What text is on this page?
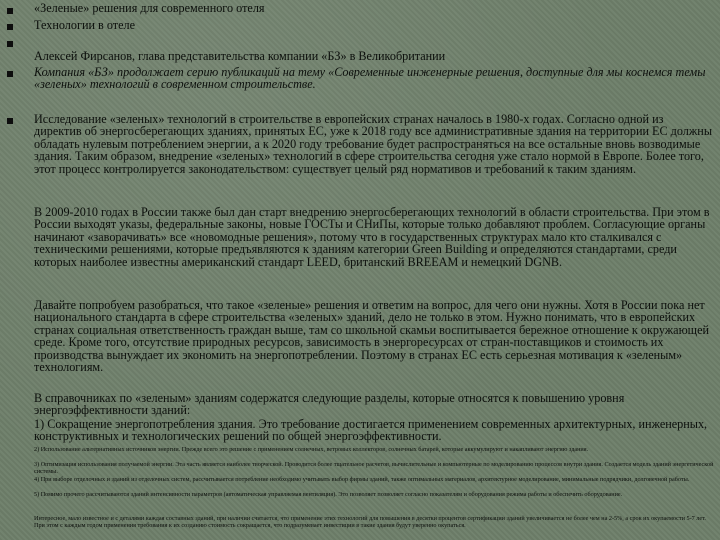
«Зеленые» решения для современного отеля
Технологии в отеле
Алексей Фирсанов, глава представительства компании «БЗ» в Великобритании
Компания «БЗ» продолжает серию публикаций на тему «Современные инженерные решения, доступные для мы коснемся темы «зеленых» технологий в современном строительстве.
Исследование «зеленых» технологий в строительстве в европейских странах началось в 1980-х годах. Согласно одной из директив об энергосберегающих зданиях, принятых ЕС, уже к 2018 году все административные здания на территории ЕС должны обладать нулевым потреблением энергии, а к 2020 году требование будет распространяться на все остальные вновь возводимые здания. Таким образом, внедрение «зеленых» технологий в сфере строительства сегодня уже стало нормой в Европе. Более того, этот процесс контролируется законодательством: существует целый ряд нормативов и требований к таким зданиям.
В 2009-2010 годах в России также был дан старт внедрению энергосберегающих технологий в области строительства. При этом в России выходят указы, федеральные законы, новые ГОСТы и СНиПы, которые только добавляют проблем. Согласующие органы начинают «заворачивать» все «новомодные решения», потому что в государственных структурах мало кто сталкивался с техническими решениями, которые предъявляются к зданиям категории Green Building и определяются стандартами, среди которых наиболее известны американский стандарт LEED, британский BREEAM и немецкий DGNB.
Давайте попробуем разобраться, что такое «зеленые» решения и ответим на вопрос, для чего они нужны. Хотя в России пока нет национального стандарта в сфере строительства «зеленых» зданий, дело не только в этом. Нужно понимать, что в европейских странах социальная ответственность граждан выше, там со школьной скамьи воспитывается бережное отношение к окружающей среде. Кроме того, отсутствие природных ресурсов, зависимость в энергоресурсах от стран-поставщиков и стоимость их производства вынуждает их экономить на энергопотреблении. Поэтому в странах ЕС есть серьезная мотивация к «зеленым» технологиям.
В справочниках по «зеленым» зданиям содержатся следующие разделы, которые относятся к повышению уровня энергоэффективности зданий:
1) Сокращение энергопотребления здания. Это требование достигается применением современных архитектурных, инженерных, конструктивных и технологических решений по общей энергоэффективности.
2) Использование альтернативных источников энергии. Прежде всего это решение с применением солнечных, ветровых коллекторов, солнечных батарей, которые аккумулируют и накапливают энергию здания.
3) Оптимизация использования получаемой энергии. Эта часть является наиболее творческой. Проводится более тщательное расчетов, вычислительные и компьютерные по моделированию процессов внутри здания. Создается модель зданий энергетической системы.
4) При выборе отделочных и зданий из отделочных систем, рассчитывается потребление необходимо учитывать выбор фирмы зданий, также оптимальных материалов, архитектурное моделирование, минимальные подрядчики, долговечной работы.
5) Помимо прочего рассчитываются зданий интенсивности параметров (автоматическая управляемая вентиляция). Это позволяет позволяет согласно показателям и оборудования режима работы и обеспечить оборудование.
Интересное, мало известное и с деталями каждая составных зданий, при наличии считается, что применение этих технологий для повышения в десятки процентов сертификации зданий увеличивается не более чем на 2-5%, а срок их окупаемости 5-7 лет. При этом с каждым годом применения требования к их созданию стоимость сокращается, что подразумевает инвестиции в такие здания будут уверенно окупаться.
